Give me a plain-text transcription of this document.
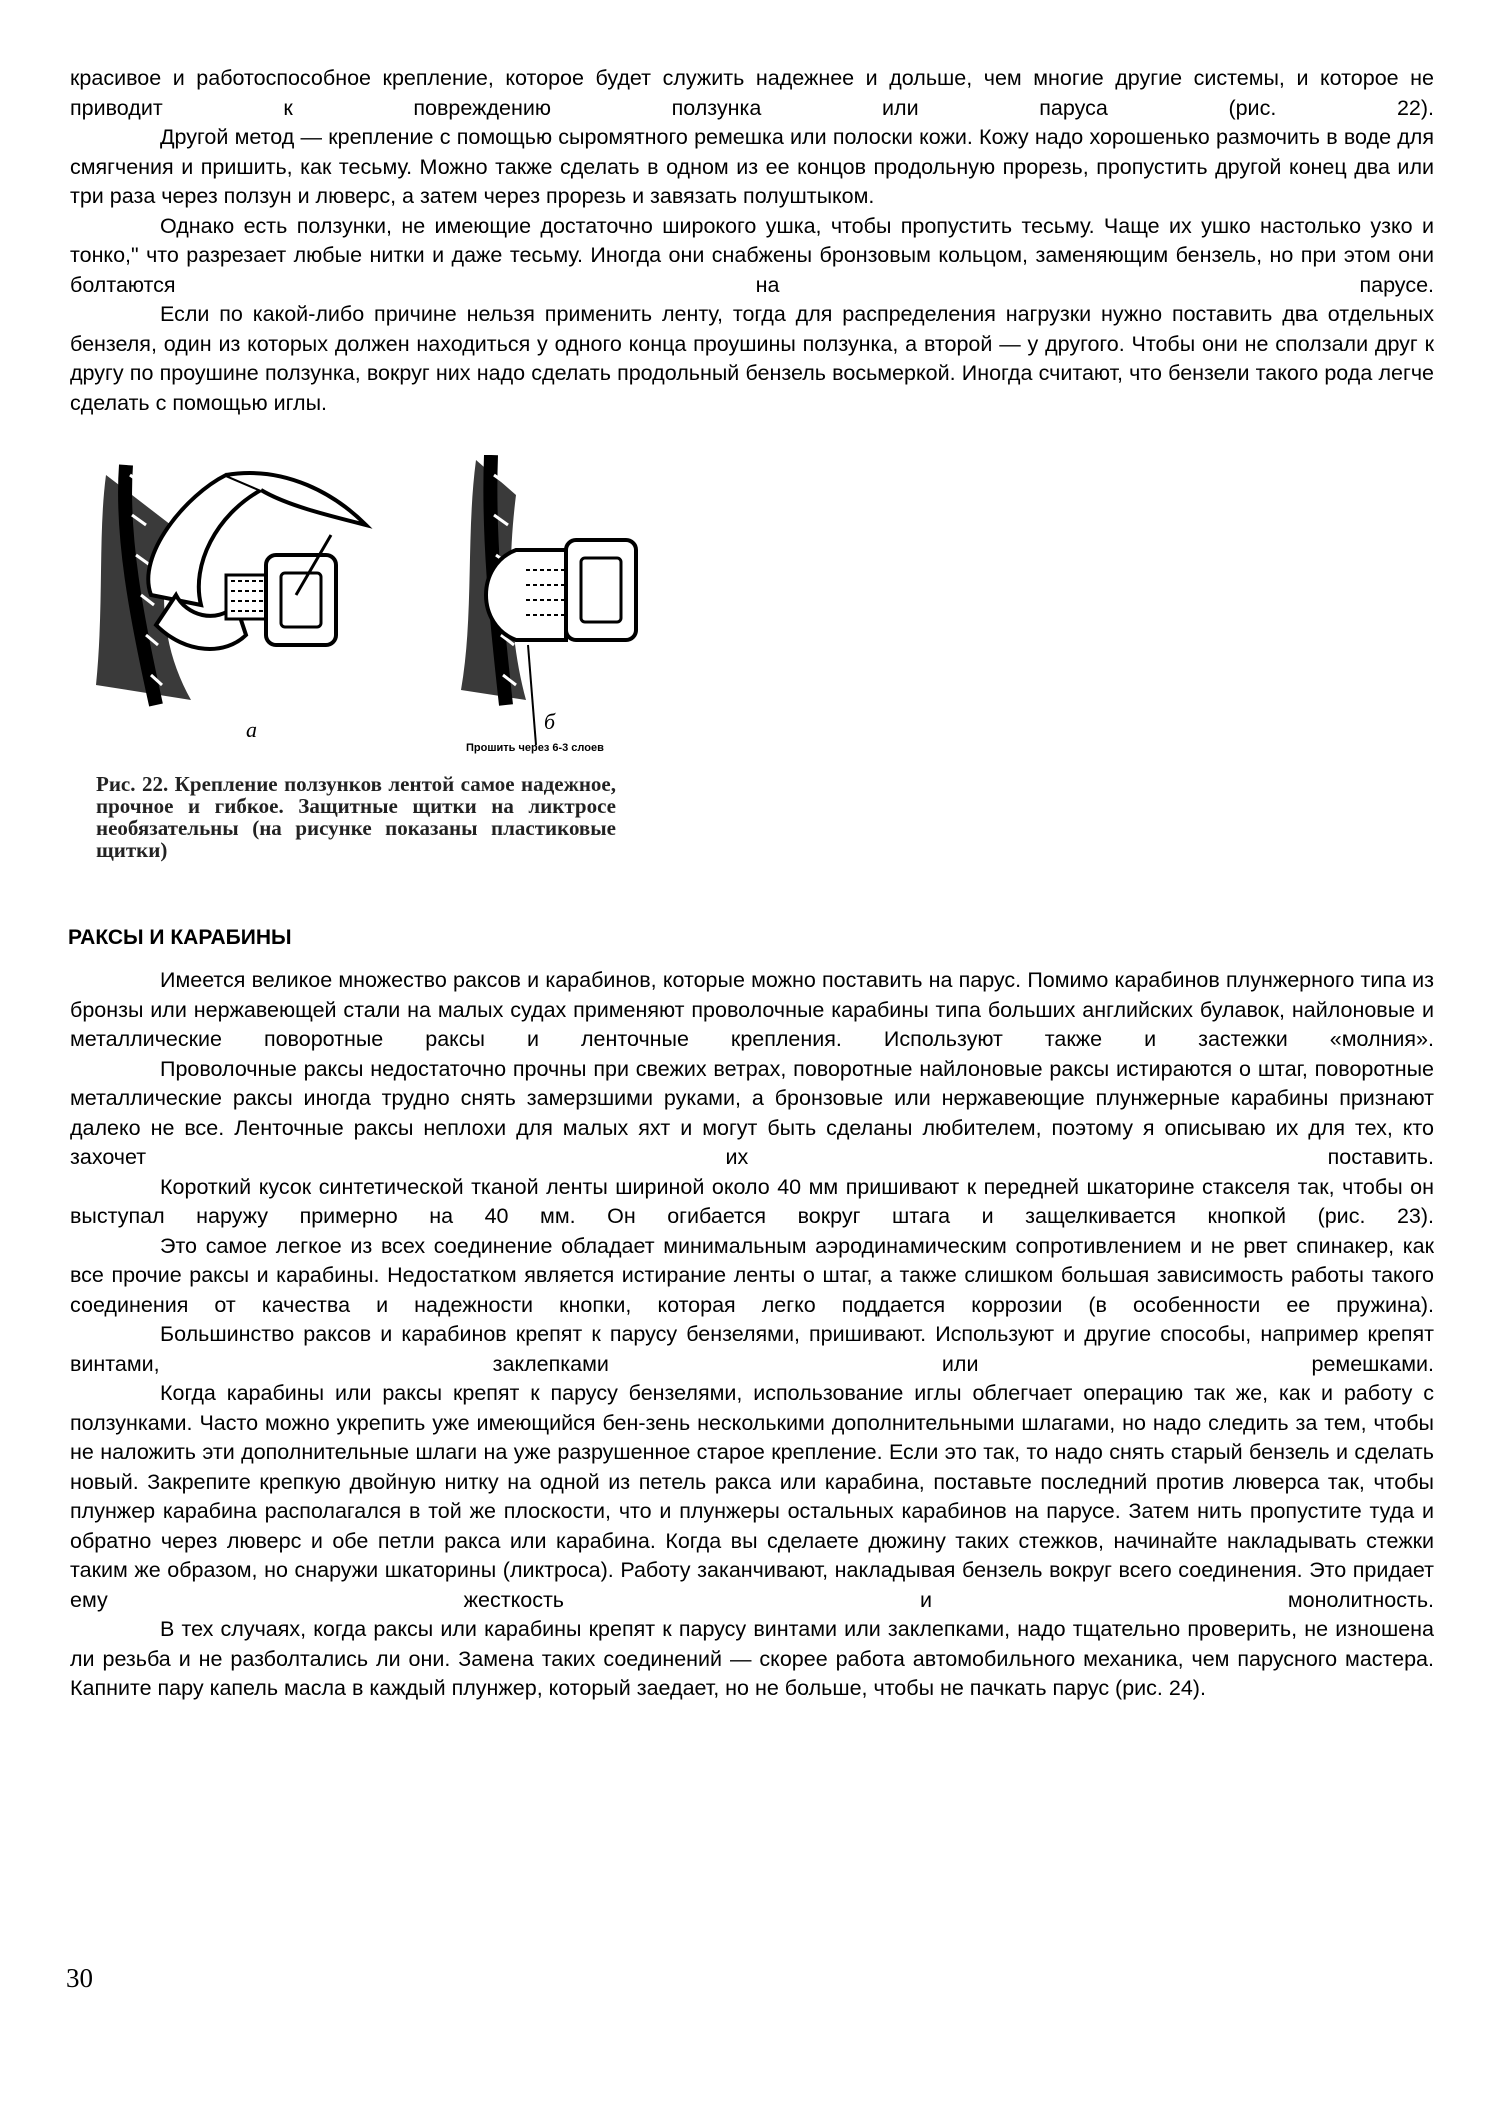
красивое и работоспособное крепление, которое будет служить надежнее и дольше, чем многие другие системы, и которое не приводит к повреждению ползунка или паруса (рис. 22).

Другой метод — крепление с помощью сыромятного ремешка или полоски кожи. Кожу надо хорошенько размочить в воде для смягчения и пришить, как тесьму. Можно также сделать в одном из ее концов продольную прорезь, пропустить другой конец два или три раза через ползун и люверс, а затем через прорезь и завязать полуштыком.

Однако есть ползунки, не имеющие достаточно широкого ушка, чтобы пропустить тесьму. Чаще их ушко настолько узко и тонко," что разрезает любые нитки и даже тесьму. Иногда они снабжены бронзовым кольцом, заменяющим бензель, но при этом они болтаются на парусе.

Если по какой-либо причине нельзя применить ленту, тогда для распределения нагрузки нужно поставить два отдельных бензеля, один из которых должен находиться у одного конца проушины ползунка, а второй — у другого. Чтобы они не сползали друг к другу по проушине ползунка, вокруг них надо сделать продольный бензель восьмеркой. Иногда считают, что бензели такого рода легче сделать с помощью иглы.

а	б
Прошить через 6-3 слоев
Рис. 22. Крепление ползунков лентой самое надежное, прочное и гибкое. Защитные щитки на ликтросе необязательны (на рисунке показаны пластиковые щитки)
РАКСЫ И КАРАБИНЫ

Имеется великое множество раксов и карабинов, которые можно поставить на парус. Помимо карабинов плунжерного типа из бронзы или нержавеющей стали на малых судах применяют проволочные карабины типа больших английских булавок, найлоновые и металлические поворотные раксы и ленточные крепления. Используют также и застежки «молния».

Проволочные раксы недостаточно прочны при свежих ветрах, поворотные найлоновые раксы истираются о штаг, поворотные металлические раксы иногда трудно снять замерзшими руками, а бронзовые или нержавеющие плунжерные карабины признают далеко не все. Ленточные раксы неплохи для малых яхт и могут быть сделаны любителем, поэтому я описываю их для тех, кто захочет их поставить.

Короткий кусок синтетической тканой ленты шириной около 40 мм пришивают к передней шкаторине стакселя так, чтобы он выступал наружу примерно на 40 мм. Он огибается вокруг штага и защелкивается кнопкой (рис. 23).

Это самое легкое из всех соединение обладает минимальным аэродинамическим сопротивлением и не рвет спинакер, как все прочие раксы и карабины. Недостатком является истирание ленты о штаг, а также слишком большая зависимость работы такого соединения от качества и надежности кнопки, которая легко поддается коррозии (в особенности ее пружина).

Большинство раксов и карабинов крепят к парусу бензелями, пришивают. Используют и другие способы, например крепят винтами, заклепками или ремешками.

Когда карабины или раксы крепят к парусу бензелями, использование иглы облегчает операцию так же, как и работу с ползунками. Часто можно укрепить уже имеющийся бен-зень несколькими дополнительными шлагами, но надо следить за тем, чтобы не наложить эти дополнительные шлаги на уже разрушенное старое крепление. Если это так, то надо снять старый бензель и сделать новый. Закрепите крепкую двойную нитку на одной из петель ракса или карабина, поставьте последний против люверса так, чтобы плунжер карабина располагался в той же плоскости, что и плунжеры остальных карабинов на парусе. Затем нить пропустите туда и обратно через люверс и обе петли ракса или карабина. Когда вы сделаете дюжину таких стежков, начинайте накладывать стежки таким же образом, но снаружи шкаторины (ликтроса). Работу заканчивают, накладывая бензель вокруг всего соединения. Это придает ему жесткость и монолитность.

В тех случаях, когда раксы или карабины крепят к парусу винтами или заклепками, надо тщательно проверить, не изношена ли резьба и не разболтались ли они. Замена таких соединений — скорее работа автомобильного механика, чем парусного мастера. Капните пару капель масла в каждый плунжер, который заедает, но не больше, чтобы не пачкать парус (рис. 24).

30
